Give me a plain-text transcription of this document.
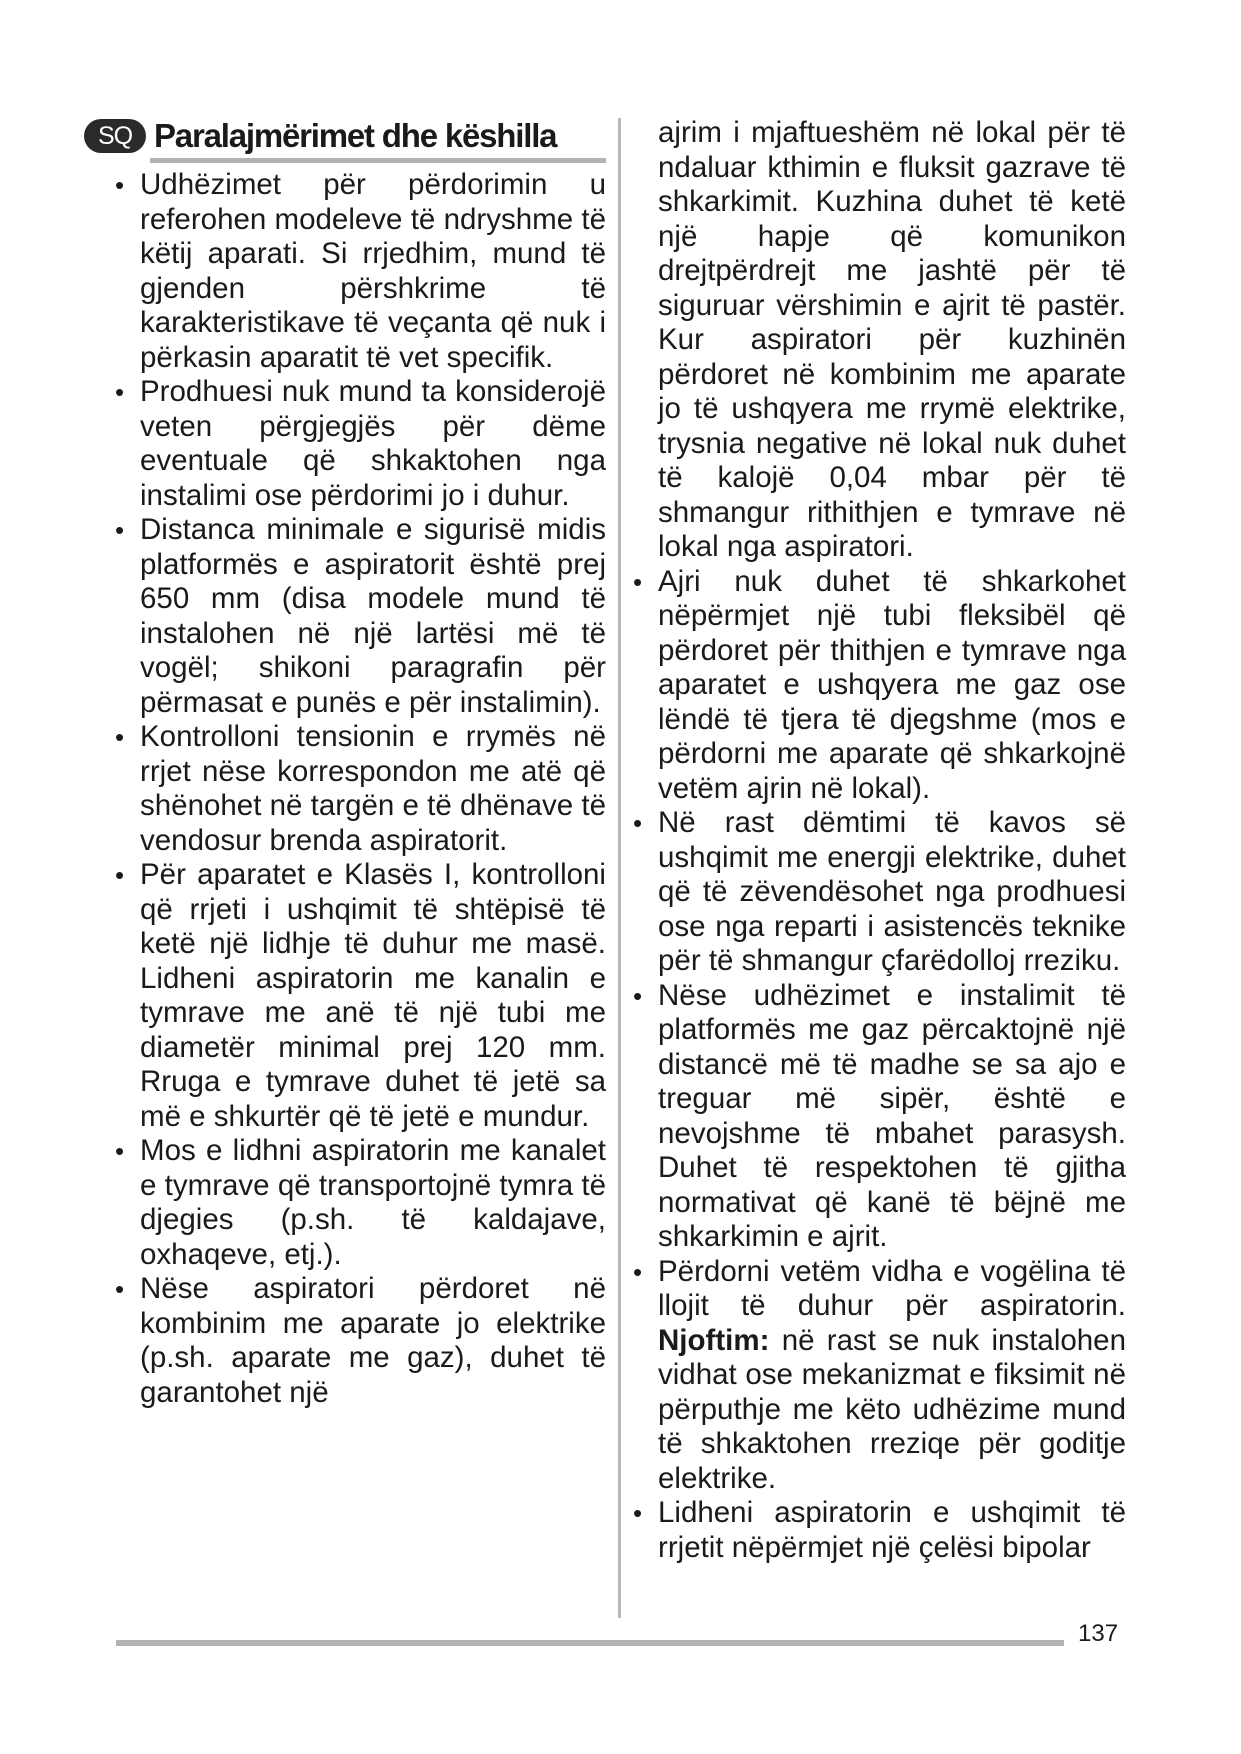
SQ Paralajmërimet dhe këshilla

• Udhëzimet për përdorimin u referohen modeleve të ndryshme të këtij aparati. Si rrjedhim, mund të gjenden përshkrime të karakteristikave të veçanta që nuk i përkasin aparatit të vet specifik.

• Prodhuesi nuk mund ta konsiderojë veten përgjegjës për dëme eventuale që shkaktohen nga instalimi ose përdorimi jo i duhur.

• Distanca minimale e sigurisë midis platformës e aspiratorit është prej 650 mm (disa modele mund të instalohen në një lartësi më të vogël; shikoni paragrafin për përmasat e punës e për instalimin).

• Kontrolloni tensionin e rrymës në rrjet nëse korrespondon me atë që shënohet në targën e të dhënave të vendosur brenda aspiratorit.

• Për aparatet e Klasës I, kontrolloni që rrjeti i ushqimit të shtëpisë të ketë një lidhje të duhur me masë. Lidheni aspiratorin me kanalin e tymrave me anë të një tubi me diametër minimal prej 120 mm. Rruga e tymrave duhet të jetë sa më e shkurtër që të jetë e mundur.

• Mos e lidhni aspiratorin me kanalet e tymrave që transportojnë tymra të djegies (p.sh. të kaldajave, oxhaqeve, etj.).

• Nëse aspiratori përdoret në kombinim me aparate jo elektrike (p.sh. aparate me gaz), duhet të garantohet një

ajrim i mjaftueshëm në lokal për të ndaluar kthimin e fluksit gazrave të shkarkimit. Kuzhina duhet të ketë një hapje që komunikon drejtpërdrejt me jashtë për të siguruar vërshimin e ajrit të pastër. Kur aspiratori për kuzhinën përdoret në kombinim me aparate jo të ushqyera me rrymë elektrike, trysnia negative në lokal nuk duhet të kalojë 0,04 mbar për të shmangur rithithjen e tymrave në lokal nga aspiratori.

• Ajri nuk duhet të shkarkohet nëpërmjet një tubi fleksibël që përdoret për thithjen e tymrave nga aparatet e ushqyera me gaz ose lëndë të tjera të djegshme (mos e përdorni me aparate që shkarkojnë vetëm ajrin në lokal).

• Në rast dëmtimi të kavos së ushqimit me energji elektrike, duhet që të zëvendësohet nga prodhuesi ose nga reparti i asistencës teknike për të shmangur çfarëdolloj rreziku.

• Nëse udhëzimet e instalimit të platformës me gaz përcaktojnë një distancë më të madhe se sa ajo e treguar më sipër, është e nevojshme të mbahet parasysh. Duhet të respektohen të gjitha normativat që kanë të bëjnë me shkarkimin e ajrit.

• Përdorni vetëm vidha e vogëlina të llojit të duhur për aspiratorin. Njoftim: në rast se nuk instalohen vidhat ose mekanizmat e fiksimit në përputhje me këto udhëzime mund të shkaktohen rreziqe për goditje elektrike.

• Lidheni aspiratorin e ushqimit të rrjetit nëpërmjet një çelësi bipolar

137
